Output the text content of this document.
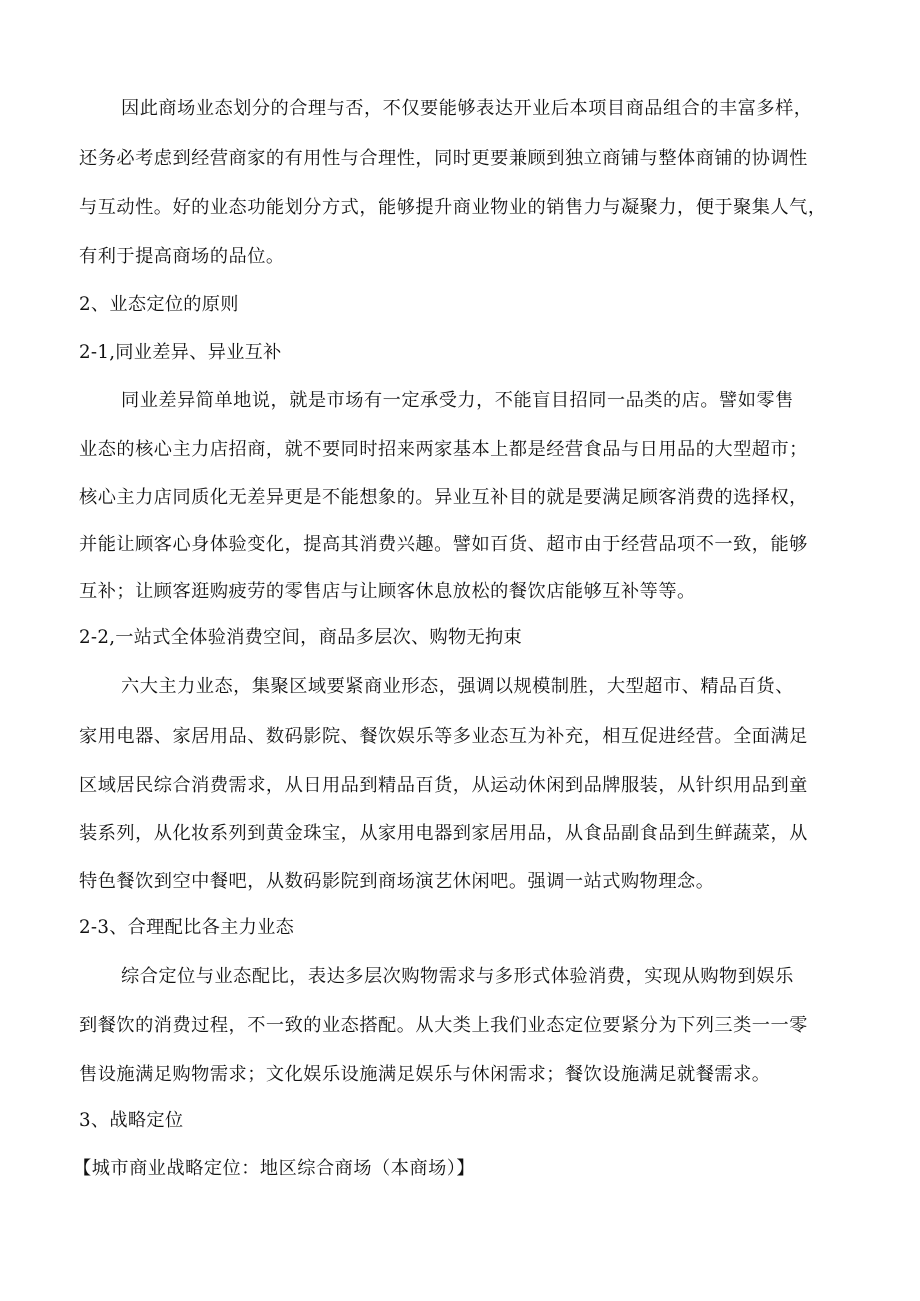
因此商场业态划分的合理与否，不仅要能够表达开业后本项目商品组合的丰富多样，
还务必考虑到经营商家的有用性与合理性，同时更要兼顾到独立商铺与整体商铺的协调性
与互动性。好的业态功能划分方式，能够提升商业物业的销售力与凝聚力，便于聚集人气，
有利于提高商场的品位。
2、业态定位的原则
2-1,同业差异、异业互补
同业差异简单地说，就是市场有一定承受力，不能盲目招同一品类的店。譬如零售
业态的核心主力店招商，就不要同时招来两家基本上都是经营食品与日用品的大型超市；
核心主力店同质化无差异更是不能想象的。异业互补目的就是要满足顾客消费的选择权，
并能让顾客心身体验变化，提高其消费兴趣。譬如百货、超市由于经营品项不一致，能够
互补；让顾客逛购疲劳的零售店与让顾客休息放松的餐饮店能够互补等等。
2-2,一站式全体验消费空间，商品多层次、购物无拘束
六大主力业态，集聚区域要紧商业形态，强调以规模制胜，大型超市、精品百货、
家用电器、家居用品、数码影院、餐饮娱乐等多业态互为补充，相互促进经营。全面满足
区域居民综合消费需求，从日用品到精品百货，从运动休闲到品牌服装，从针织用品到童
装系列，从化妆系列到黄金珠宝，从家用电器到家居用品，从食品副食品到生鲜蔬菜，从
特色餐饮到空中餐吧，从数码影院到商场演艺休闲吧。强调一站式购物理念。
2-3、合理配比各主力业态
综合定位与业态配比，表达多层次购物需求与多形式体验消费，实现从购物到娱乐
到餐饮的消费过程，不一致的业态搭配。从大类上我们业态定位要紧分为下列三类一一零
售设施满足购物需求；文化娱乐设施满足娱乐与休闲需求；餐饮设施满足就餐需求。
3、战略定位
【城市商业战略定位：地区综合商场（本商场）】
